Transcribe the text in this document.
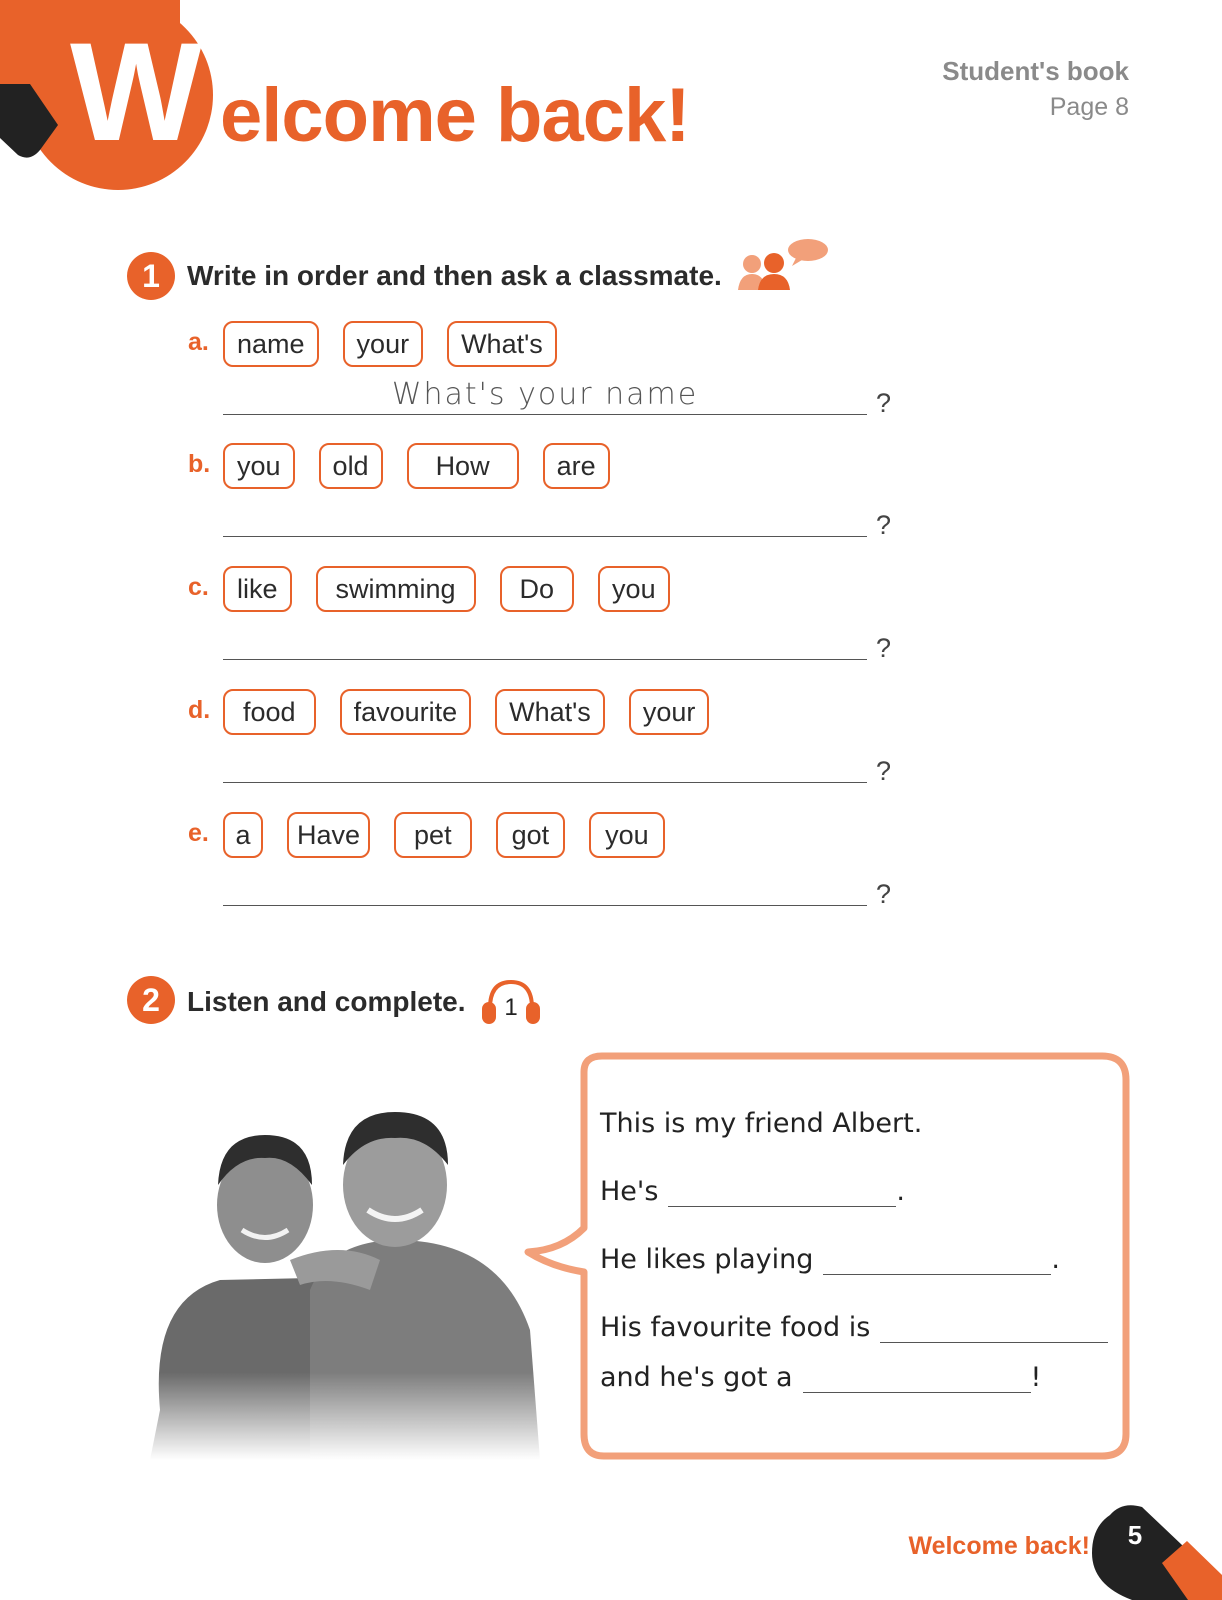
W elcome back!
Student's book
Page 8
1 Write in order and then ask a classmate.
a.	name	your	What's
What's your name	?
b. you	old	How	are
?
c.	like	swimming	Do	you
?
d.	food	favourite	What's	your
?
e. a	Have	pet	got	you
?
2 Listen and complete.	1
This is my friend Albert.
He's	.
He likes playing	.
His favourite food is
and he's got a	!
Welcome back!	5
